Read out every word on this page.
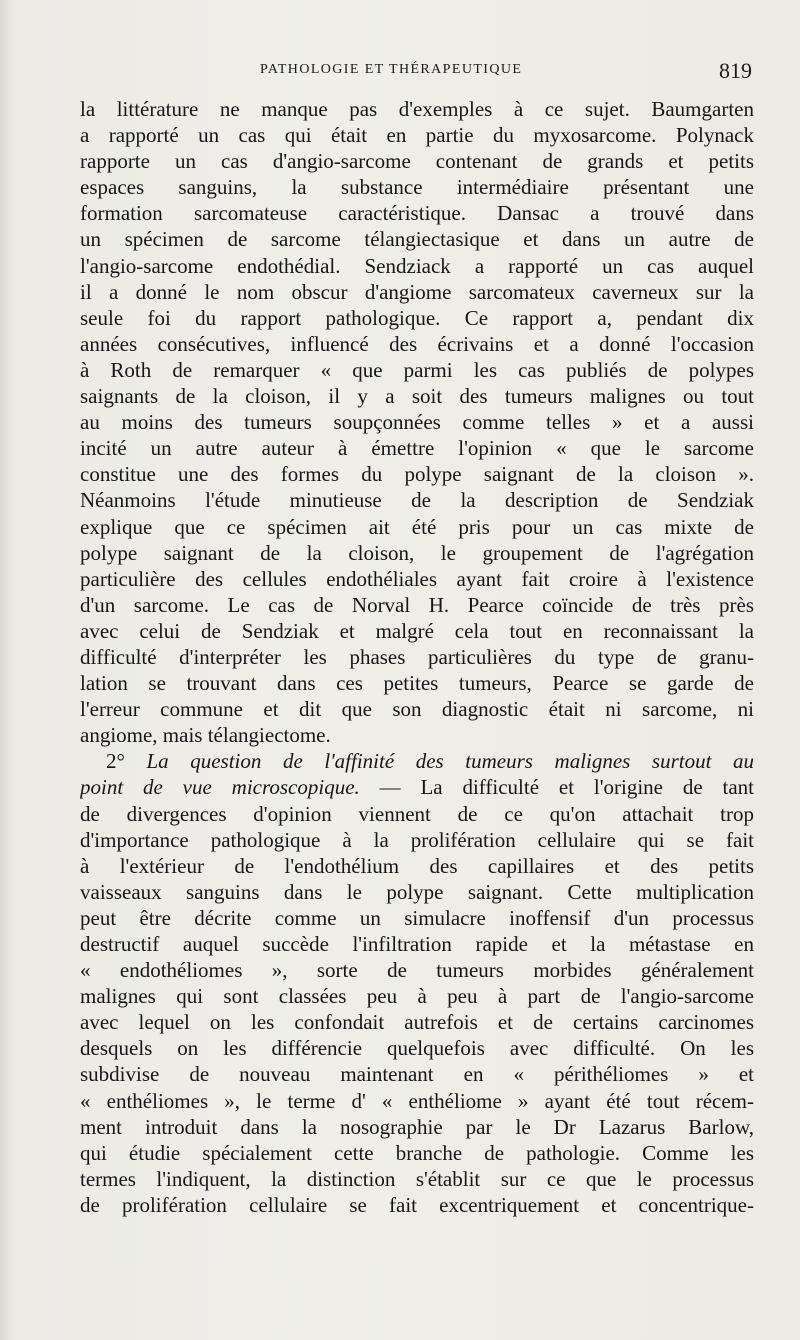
PATHOLOGIE ET THÉRAPEUTIQUE	819
la littérature ne manque pas d'exemples à ce sujet. Baumgarten
a rapporté un cas qui était en partie du myxosarcome. Polynack
rapporte un cas d'angio-sarcome contenant de grands et petits
espaces sanguins, la substance intermédiaire présentant une
formation sarcomateuse caractéristique. Dansac a trouvé dans
un spécimen de sarcome télangiectasique et dans un autre de
l'angio-sarcome endothédial. Sendziack a rapporté un cas auquel
il a donné le nom obscur d'angiome sarcomateux caverneux sur la
seule foi du rapport pathologique. Ce rapport a, pendant dix
années consécutives, influencé des écrivains et a donné l'occasion
à Roth de remarquer « que parmi les cas publiés de polypes
saignants de la cloison, il y a soit des tumeurs malignes ou tout
au moins des tumeurs soupçonnées comme telles » et a aussi
incité un autre auteur à émettre l'opinion « que le sarcome
constitue une des formes du polype saignant de la cloison ».
Néanmoins l'étude minutieuse de la description de Sendziak
explique que ce spécimen ait été pris pour un cas mixte de
polype saignant de la cloison, le groupement de l'agrégation
particulière des cellules endothéliales ayant fait croire à l'existence
d'un sarcome. Le cas de Norval H. Pearce coïncide de très près
avec celui de Sendziak et malgré cela tout en reconnaissant la
difficulté d'interpréter les phases particulières du type de granu-
lation se trouvant dans ces petites tumeurs, Pearce se garde de
l'erreur commune et dit que son diagnostic était ni sarcome, ni
angiome, mais télangiectome.
2° La question de l'affinité des tumeurs malignes surtout au
point de vue microscopique. — La difficulté et l'origine de tant
de divergences d'opinion viennent de ce qu'on attachait trop
d'importance pathologique à la prolifération cellulaire qui se fait
à l'extérieur de l'endothélium des capillaires et des petits
vaisseaux sanguins dans le polype saignant. Cette multiplication
peut être décrite comme un simulacre inoffensif d'un processus
destructif auquel succède l'infiltration rapide et la métastase en
« endothéliomes », sorte de tumeurs morbides généralement
malignes qui sont classées peu à peu à part de l'angio-sarcome
avec lequel on les confondait autrefois et de certains carcinomes
desquels on les différencie quelquefois avec difficulté. On les
subdivise de nouveau maintenant en « périthéliomes » et
« enthéliomes », le terme d' « enthéliome » ayant été tout récem-
ment introduit dans la nosographie par le Dr Lazarus Barlow,
qui étudie spécialement cette branche de pathologie. Comme les
termes l'indiquent, la distinction s'établit sur ce que le processus
de prolifération cellulaire se fait excentriquement et concentrique-
